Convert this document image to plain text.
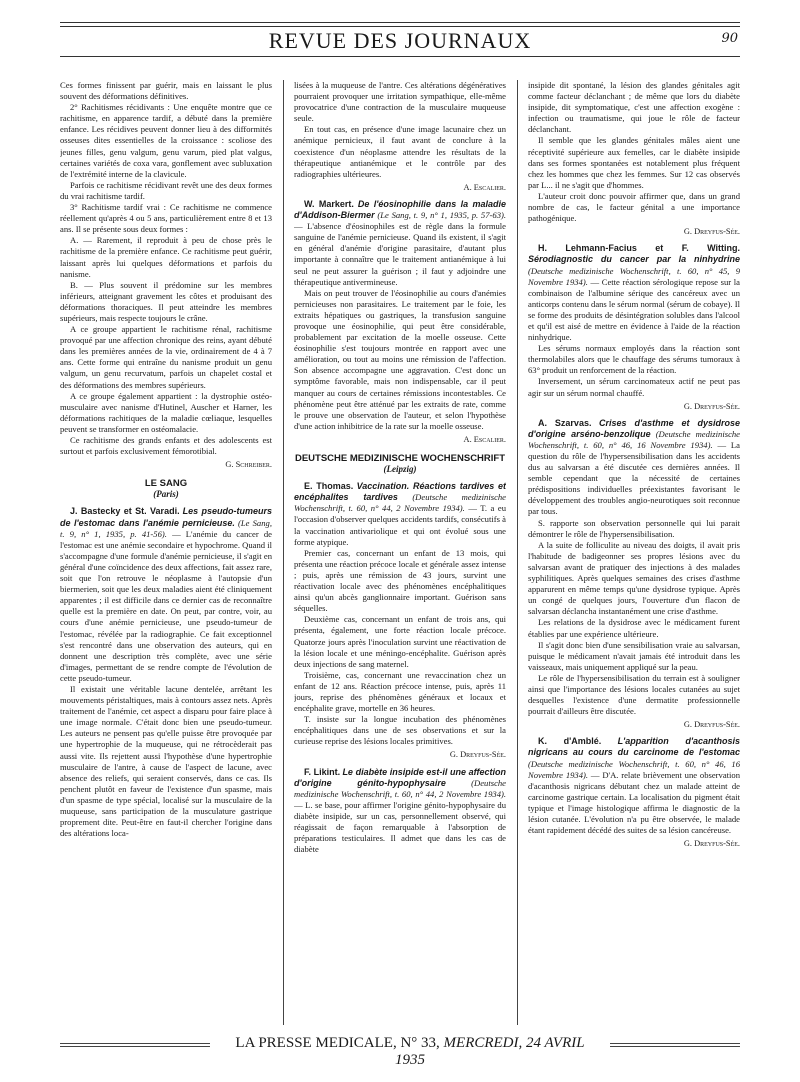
REVUE DES JOURNAUX	90

Ces formes finissent par guérir, mais en laissant le plus souvent des déformations définitives.

2° Rachitismes récidivants : Une enquête montre que ce rachitisme, en apparence tardif, a débuté dans la première enfance. Les récidives peuvent donner lieu à des difformités osseuses dites essentielles de la croissance : scoliose des jeunes filles, genu valgum, genu varum, pied plat valgus, certaines variétés de coxa vara, gonflement avec subluxation de l'extrémité interne de la clavicule.

Parfois ce rachitisme récidivant revêt une des deux formes du vrai rachitisme tardif.

3° Rachitisme tardif vrai : Ce rachitisme ne commence réellement qu'après 4 ou 5 ans, particulièrement entre 8 et 13 ans. Il se présente sous deux formes :

A. — Rarement, il reproduit à peu de chose près le rachitisme de la première enfance. Ce rachitisme peut guérir, laissant après lui quelques déformations et parfois du nanisme.

B. — Plus souvent il prédomine sur les membres inférieurs, atteignant gravement les côtes et produisant des déformations thoraciques. Il peut atteindre les membres supérieurs, mais respecte toujours le crâne.

A ce groupe appartient le rachitisme rénal, rachitisme provoqué par une affection chronique des reins, ayant débuté dans les premières années de la vie, ordinairement de 4 à 7 ans. Cette forme qui entraîne du nanisme produit un genu valgum, un genu recurvatum, parfois un chapelet costal et des déformations des membres supérieurs.

A ce groupe également appartient : la dystrophie ostéo-musculaire avec nanisme d'Hutinel, Auscher et Harner, les déformations rachitiques de la maladie cœliaque, lesquelles peuvent se transformer en ostéomalacie.

Ce rachitisme des grands enfants et des adolescents est surtout et parfois exclusivement fémorotibial.

G. Schreiber.
LE SANG
(Paris)

J. Bastecky et St. Varadi. Les pseudo-tumeurs de l'estomac dans l'anémie pernicieuse. (Le Sang, t. 9, n° 1, 1935, p. 41-56). — L'anémie du cancer de l'estomac est une anémie secondaire et hypochrome. Quand il s'accompagne d'une formule d'anémie pernicieuse, il s'agit en général d'une coïncidence des deux affections, fait assez rare, soit que l'on retrouve le néoplasme à l'autopsie d'un biermerien, soit que les deux maladies aient été cliniquement apparentes ; il est difficile dans ce dernier cas de reconnaître quelle est la première en date. On peut, par contre, voir, au cours d'une anémie pernicieuse, une pseudo-tumeur de l'estomac, révélée par la radiographie. Ce fait exceptionnel s'est rencontré dans une observation des auteurs, qui en donnent une description très complète, avec une série d'images, permettant de se rendre compte de l'évolution de cette pseudo-tumeur.

Il existait une véritable lacune dentelée, arrêtant les mouvements péristaltiques, mais à contours assez nets. Après traitement de l'anémie, cet aspect a disparu pour faire place à une image normale. C'était donc bien une pseudo-tumeur. Les auteurs ne pensent pas qu'elle puisse être provoquée par une hypertrophie de la muqueuse, qui ne rétrocèderait pas aussi vite. Ils rejettent aussi l'hypothèse d'une hypertrophie musculaire de l'antre, à cause de l'aspect de lacune, avec absence des reliefs, qui seraient conservés, dans ce cas. Ils penchent plutôt en faveur de l'existence d'un spasme, mais d'un spasme de type spécial, localisé sur la musculaire de la muqueuse, sans participation de la musculature gastrique proprement dite. Peut-être en faut-il chercher l'origine dans des altérations loca-

lisées à la muqueuse de l'antre. Ces altérations dégénératives pourraient provoquer une irritation sympathique, elle-même provocatrice d'une contraction de la musculaire muqueuse seule.

En tout cas, en présence d'une image lacunaire chez un anémique pernicieux, il faut avant de conclure à la coexistence d'un néoplasme attendre les résultats de la thérapeutique antianémique et le contrôle par des radiographies ultérieures.

A. Escalier.

W. Markert. De l'éosinophilie dans la maladie d'Addison-Biermer (Le Sang, t. 9, n° 1, 1935, p. 57-63). — L'absence d'éosinophiles est de règle dans la formule sanguine de l'anémie pernicieuse. Quand ils existent, il s'agit en général d'anémie d'origine parasitaire, d'autant plus importante à connaître que le traitement antianémique à lui seul ne peut assurer la guérison ; il faut y adjoindre une thérapeutique antivermineuse.

Mais on peut trouver de l'éosinophilie au cours d'anémies pernicieuses non parasitaires. Le traitement par le foie, les extraits hépatiques ou gastriques, la transfusion sanguine provoque une éosinophilie, qui peut être considérable, probablement par excitation de la moelle osseuse. Cette éosinophilie s'est toujours montrée en rapport avec une amélioration, ou tout au moins une rémission de l'affection. Son absence accompagne une aggravation. C'est donc un symptôme favorable, mais non indispensable, car il peut manquer au cours de certaines rémissions incontestables. Ce phénomène peut être atténué par les extraits de rate, comme le prouve une observation de l'auteur, et selon l'hypothèse d'une action inhibitrice de la rate sur la moelle osseuse.

A. Escalier.
DEUTSCHE MEDIZINISCHE WOCHENSCHRIFT
(Leipzig)

E. Thomas. Vaccination. Réactions tardives et encéphalites tardives (Deutsche medizinische Wochenschrift, t. 60, n° 44, 2 Novembre 1934). — T. a eu l'occasion d'observer quelques accidents tardifs, consécutifs à la vaccination antivariolique et qui ont évolué sous une forme atypique.

Premier cas, concernant un enfant de 13 mois, qui présenta une réaction précoce locale et générale assez intense ; puis, après une rémission de 43 jours, survint une réactivation locale avec des phénomènes encéphalitiques ainsi qu'un abcès ganglionnaire important. Guérison sans séquelles.

Deuxième cas, concernant un enfant de trois ans, qui présenta, également, une forte réaction locale précoce. Quatorze jours après l'inoculation survint une réactivation de la lésion locale et une méningo-encéphalite. Guérison après deux injections de sang maternel.

Troisième, cas, concernant une revaccination chez un enfant de 12 ans. Réaction précoce intense, puis, après 11 jours, reprise des phénomènes généraux et locaux et encéphalite grave, mortelle en 36 heures.

T. insiste sur la longue incubation des phénomènes encéphalitiques dans une de ses observations et sur la curieuse reprise des lésions locales primitives.

G. Dreyfus-Sée.

F. Likint. Le diabète insipide est-il une affection d'origine génito-hypophysaire	(Deutsche medizinische Wochenschrift, t. 60, n° 44, 2 Novembre 1934). — L. se base, pour affirmer l'origine génito-hypophysaire du diabète insipide, sur un cas, personnellement observé, qui réagissait de façon remarquable à l'absorption de préparations testiculaires. Il admet que dans les cas de diabète

insipide dit spontané, la lésion des glandes génitales agit comme facteur déclanchant ; de même que lors du diabète insipide, dit symptomatique, c'est une affection exogène : infection ou traumatisme, qui joue le rôle de facteur déclanchant.

Il semble que les glandes génitales mâles aient une réceptivité supérieure aux femelles, car le diabète insipide dans ses formes spontanées est notablement plus fréquent chez les hommes que chez les femmes. Sur 12 cas observés par L... il ne s'agit que d'hommes.

L'auteur croit donc pouvoir affirmer que, dans un grand nombre de cas, le facteur génital a une importance pathogénique.

G. Dreyfus-Sée.

H. Lehmann-Facius et F. Witting. Sérodiagnostic du cancer par la ninhydrine (Deutsche medizinische Wochenschrift, t. 60, n° 45, 9 Novembre 1934). — Cette réaction sérologique repose sur la combinaison de l'albumine sérique des cancéreux avec un anticorps contenu dans le sérum normal (sérum de cobaye). Il se forme des produits de désintégration solubles dans l'alcool et qu'il est aisé de mettre en évidence à l'aide de la réaction ninhydrique.

Les sérums normaux employés dans la réaction sont thermolabiles alors que le chauffage des sérums tumoraux à 63° produit un renforcement de la réaction.

Inversement, un sérum carcinomateux actif ne peut pas agir sur un sérum normal chauffé.

G. Dreyfus-Sée.

A. Szarvas. Crises d'asthme et dysidrose d'origine arséno-benzolique (Deutsche medizinische Wochenschrift, t. 60, n° 46, 16 Novembre 1934). — La question du rôle de l'hypersensibilisation dans les accidents dus au salvarsan a été discutée ces dernières années. Il semble cependant que la nécessité de certaines prédispositions individuelles préexistantes favorisant le développement des troubles angio-neurotiques soit reconnue par tous.

S. rapporte son observation personnelle qui lui parait démontrer le rôle de l'hypersensibilisation.

A la suite de folliculite au niveau des doigts, il avait pris l'habitude de badigeonner ses propres lésions avec du salvarsan avant de pratiquer des injections à des malades syphilitiques. Après quelques semaines des crises d'asthme apparurent en même temps qu'une dysidrose typique. Après un congé de quelques jours, l'ouverture d'un flacon de salvarsan déclancha instantanément une crise d'asthme.

Les relations de la dysidrose avec le médicament furent établies par une expérience ultérieure.

Il s'agit donc bien d'une sensibilisation vraie au salvarsan, puisque le médicament n'avait jamais été introduit dans les vaisseaux, mais uniquement appliqué sur la peau.

Le rôle de l'hypersensibilisation du terrain est à souligner ainsi que l'importance des lésions locales cutanées au sujet desquelles l'existence d'une dermatite professionnelle pourrait d'ailleurs être discutée.

G. Dreyfus-Sée.

K. d'Amblé. L'apparition d'acanthosis nigricans au cours du carcinome de l'estomac (Deutsche medizinische Wochenschrift, t. 60, n° 46, 16 Novembre 1934). — D'A. relate brièvement une observation d'acanthosis nigricans débutant chez un malade atteint de carcinome gastrique certain. La localisation du pigment était typique et l'image histologique affirma le diagnostic de la lésion cutanée. L'évolution n'a pu être observée, le malade étant rapidement décédé des suites de sa lésion cancéreuse.

G. Dreyfus-Sée.
LA PRESSE MEDICALE, N° 33, MERCREDI, 24 AVRIL 1935
